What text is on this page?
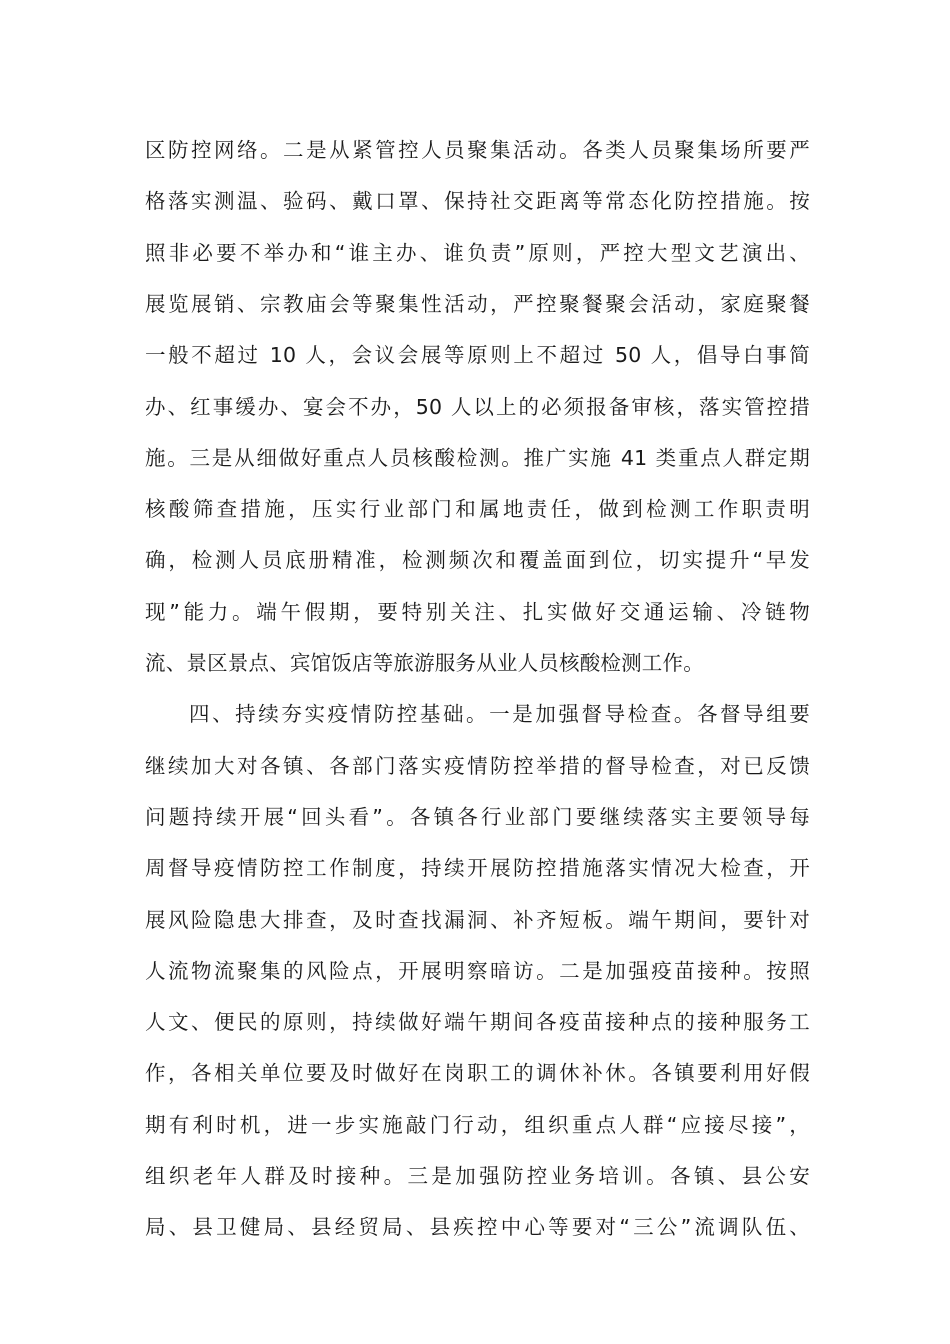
区防控网络。二是从紧管控人员聚集活动。各类人员聚集场所要严
格落实测温、验码、戴口罩、保持社交距离等常态化防控措施。按
照非必要不举办和“谁主办、谁负责”原则，严控大型文艺演出、
展览展销、宗教庙会等聚集性活动，严控聚餐聚会活动，家庭聚餐
一般不超过 10 人，会议会展等原则上不超过 50 人，倡导白事简
办、红事缓办、宴会不办，50 人以上的必须报备审核，落实管控措
施。三是从细做好重点人员核酸检测。推广实施 41 类重点人群定期
核酸筛查措施，压实行业部门和属地责任，做到检测工作职责明
确，检测人员底册精准，检测频次和覆盖面到位，切实提升“早发
现”能力。端午假期，要特别关注、扎实做好交通运输、冷链物
流、景区景点、宾馆饭店等旅游服务从业人员核酸检测工作。
四、持续夯实疫情防控基础。一是加强督导检查。各督导组要
继续加大对各镇、各部门落实疫情防控举措的督导检查，对已反馈
问题持续开展“回头看”。各镇各行业部门要继续落实主要领导每
周督导疫情防控工作制度，持续开展防控措施落实情况大检查，开
展风险隐患大排查，及时查找漏洞、补齐短板。端午期间，要针对
人流物流聚集的风险点，开展明察暗访。二是加强疫苗接种。按照
人文、便民的原则，持续做好端午期间各疫苗接种点的接种服务工
作，各相关单位要及时做好在岗职工的调休补休。各镇要利用好假
期有利时机，进一步实施敲门行动，组织重点人群“应接尽接”，
组织老年人群及时接种。三是加强防控业务培训。各镇、县公安
局、县卫健局、县经贸局、县疾控中心等要对“三公”流调队伍、
